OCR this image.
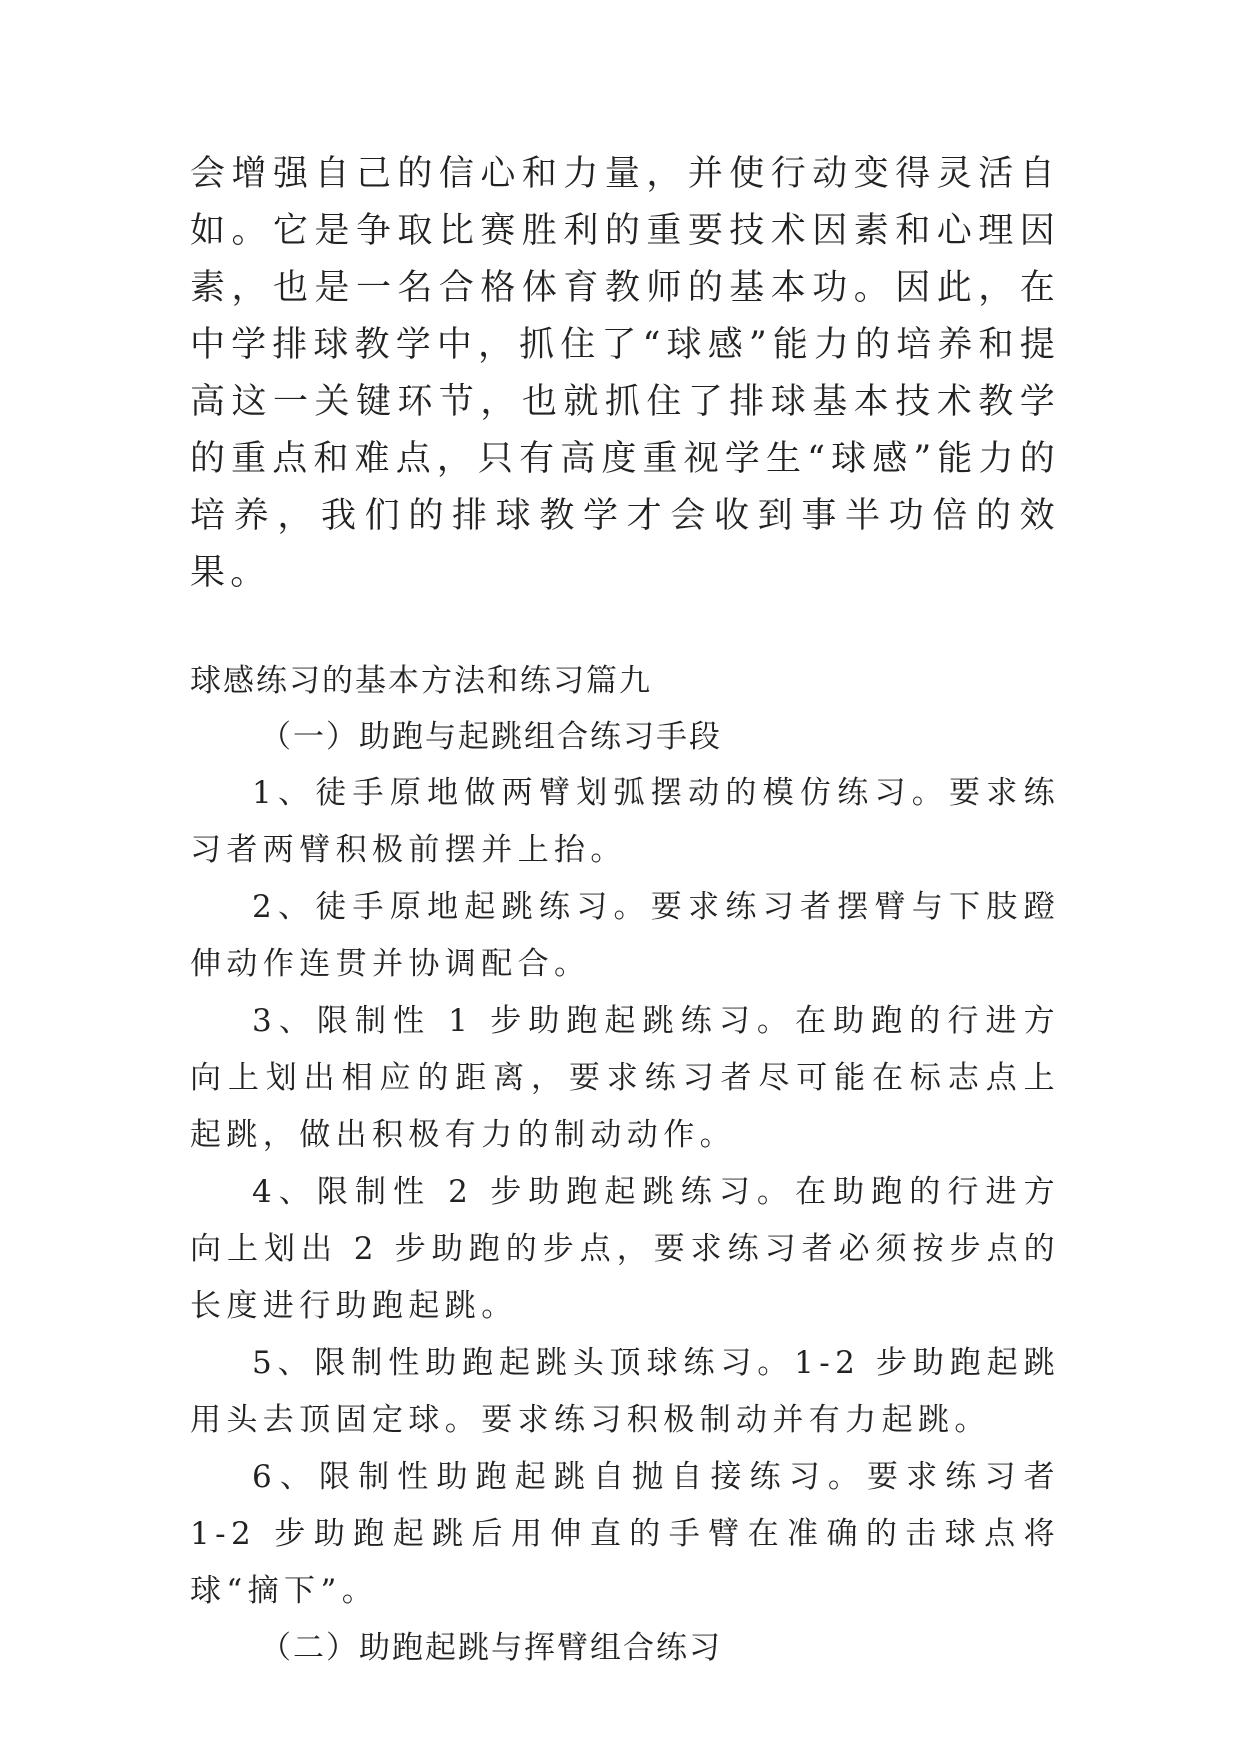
会增强自己的信心和力量，并使行动变得灵活自如。它是争取比赛胜利的重要技术因素和心理因素，也是一名合格体育教师的基本功。因此，在中学排球教学中，抓住了“球感”能力的培养和提高这一关键环节，也就抓住了排球基本技术教学的重点和难点，只有高度重视学生“球感”能力的培养，我们的排球教学才会收到事半功倍的效果。

球感练习的基本方法和练习篇九

（一）助跑与起跳组合练习手段

1、徒手原地做两臂划弧摆动的模仿练习。要求练习者两臂积极前摆并上抬。

2、徒手原地起跳练习。要求练习者摆臂与下肢蹬伸动作连贯并协调配合。

3、限制性 1 步助跑起跳练习。在助跑的行进方向上划出相应的距离，要求练习者尽可能在标志点上起跳，做出积极有力的制动动作。

4、限制性 2 步助跑起跳练习。在助跑的行进方向上划出 2 步助跑的步点，要求练习者必须按步点的长度进行助跑起跳。

5、限制性助跑起跳头顶球练习。1-2 步助跑起跳用头去顶固定球。要求练习积极制动并有力起跳。

6、限制性助跑起跳自抛自接练习。要求练习者 1-2 步助跑起跳后用伸直的手臂在准确的击球点将球“摘下”。

（二）助跑起跳与挥臂组合练习
